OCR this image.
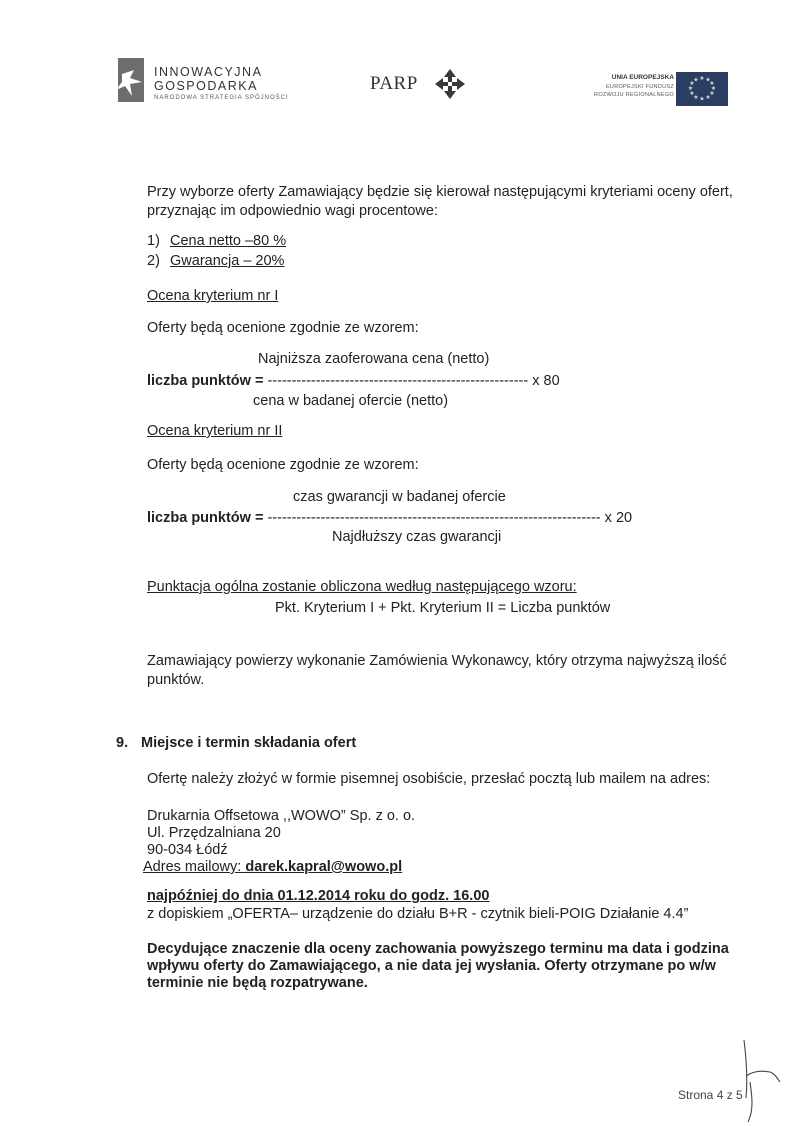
INNOWACYJNA
GOSPODARKA
NARODOWA STRATEGIA SPÓJNOŚCI
PARP	UNIA EUROPEJSKA
EUROPEJSKI FUNDUSZ
ROZWOJU REGIONALNEGO
★ ★
★
★
★
★
★
★
★
★
★
★
Przy wyborze oferty Zamawiający będzie się kierował następującymi kryteriami oceny ofert,
przyznając im odpowiednio wagi procentowe:
1) Cena netto –80 %
2) Gwarancja – 20%
Ocena kryterium nr I
Oferty będą ocenione zgodnie ze wzorem:
Najniższa zaoferowana cena (netto)
liczba punktów = ------------------------------------------------------ x 80
cena w badanej ofercie (netto)
Ocena kryterium nr II
Oferty będą ocenione zgodnie ze wzorem:
czas gwarancji w badanej ofercie
liczba punktów = --------------------------------------------------------------------- x 20
Najdłuższy czas gwarancji
Punktacja ogólna zostanie obliczona według następującego wzoru:
Pkt. Kryterium I + Pkt. Kryterium II = Liczba punktów
Zamawiający powierzy wykonanie Zamówienia Wykonawcy, który otrzyma najwyższą ilość
punktów.
9. Miejsce i termin składania ofert
Ofertę należy złożyć w formie pisemnej osobiście, przesłać pocztą lub mailem na adres:
Drukarnia Offsetowa ,,WOWO” Sp. z o. o.
Ul. Przędzalniana 20
90-034 Łódź
Adres mailowy: darek.kapral@wowo.pl
najpóźniej do dnia 01.12.2014 roku do godz. 16.00
z dopiskiem „OFERTA– urządzenie do działu B+R - czytnik bieli-POIG Działanie 4.4”
Decydujące znaczenie dla oceny zachowania powyższego terminu ma data i godzina
wpływu oferty do Zamawiającego, a nie data jej wysłania. Oferty otrzymane po w/w
terminie nie będą rozpatrywane.
Strona 4 z 5
